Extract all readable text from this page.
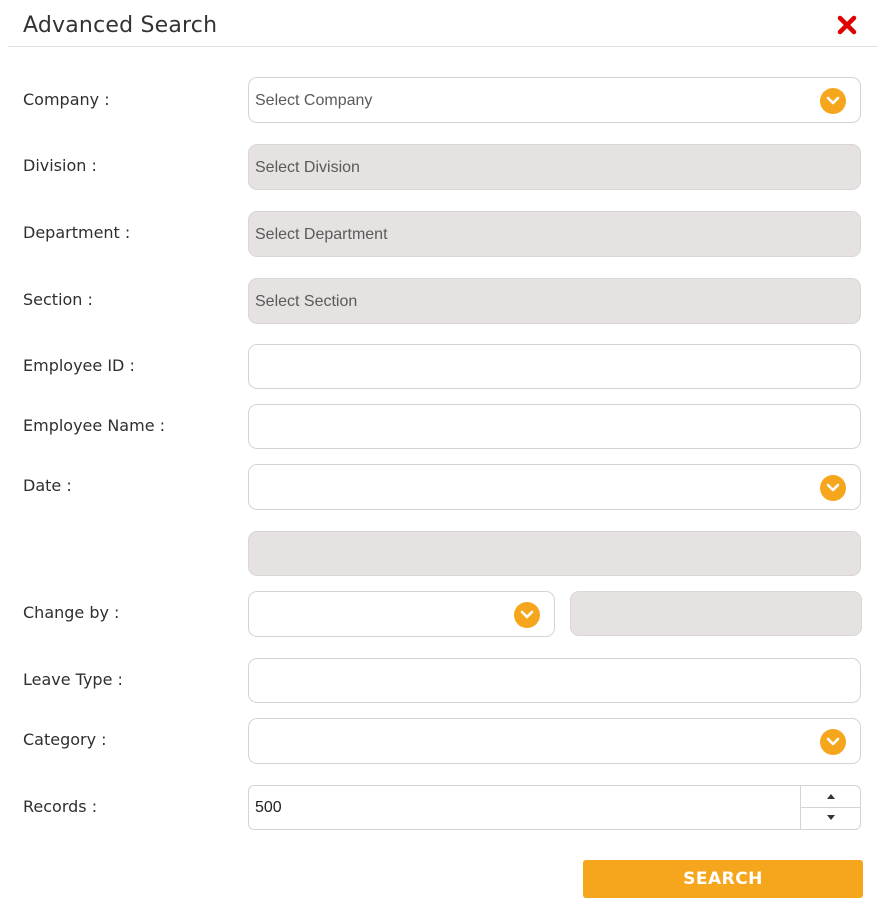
Advanced Search
Company :	Select Company
Division :	Select Division
Department :	Select Department
Section :	Select Section
Employee ID :
Employee Name :
Date :
Change by :
Leave Type :
Category :
Records :	500
SEARCH
